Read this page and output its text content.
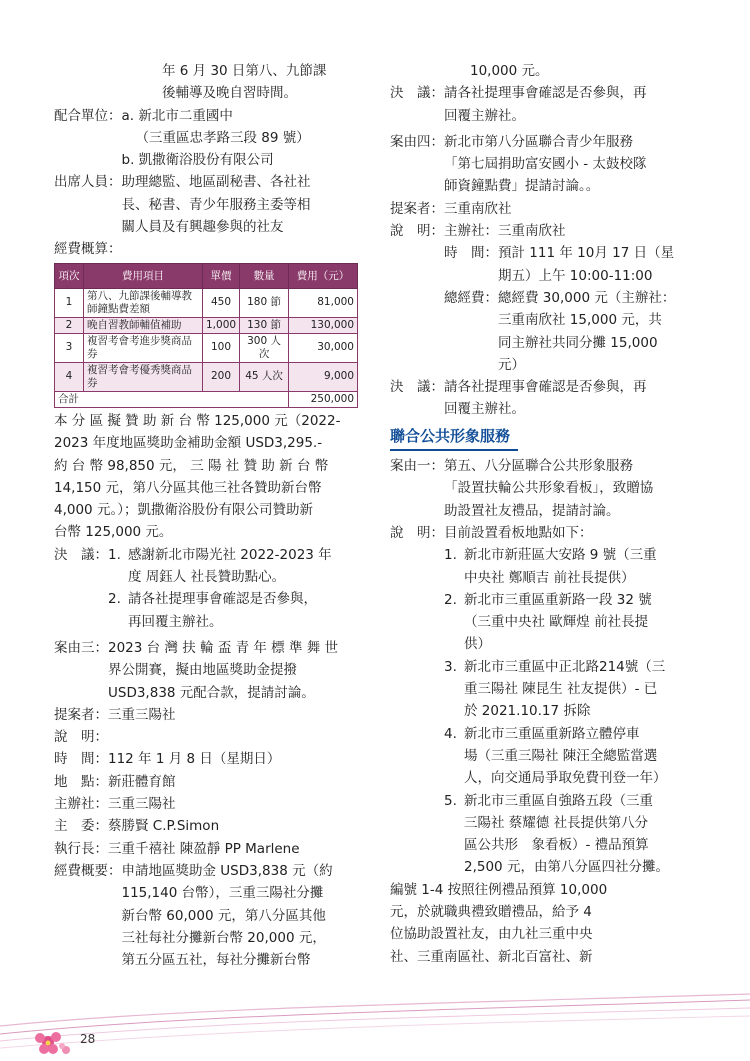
年 6 月 30 日第八、九節課
後輔導及晚自習時間。
配合單位： a. 新北市二重國中
（三重區忠孝路三段 89 號）
b. 凱撒衛浴股份有限公司
出席人員： 助理總監、地區副秘書、各社社
長、秘書、青少年服務主委等相
關人員及有興趣參與的社友
經費概算：
項次	費用項目	單價	數量	費用（元）
1	第八、九節課後輔導教師鐘點費差額	450	180 節	81,000
2	晚自習教師輔值補助	1,000	130 節	130,000
3	複習考會考進步獎商品券	100	300 人次	30,000
4	複習考會考優秀獎商品券	200	45 人次	9,000
合計				250,000
本 分 區 擬 贊 助 新 台 幣 125,000 元（2022-
2023 年度地區獎助金補助金額 USD3,295.-
約 台 幣 98,850 元， 三 陽 社 贊 助 新 台 幣
14,150 元，第八分區其他三社各贊助新台幣
4,000 元。）；凱撒衛浴股份有限公司贊助新
台幣 125,000 元。
決　議： 1. 感謝新北市陽光社 2022-2023 年
度 周鈺人 社長贊助點心。
2. 請各社提理事會確認是否參與，
再回覆主辦社。
案由三： 2023 台 灣 扶 輪 盃 青 年 標 準 舞 世
界公開賽，擬由地區獎助金提撥
USD3,838 元配合款，提請討論。
提案者： 三重三陽社
說　明：
時　間： 112 年 1 月 8 日（星期日）
地　點： 新莊體育館
主辦社： 三重三陽社
主　委： 蔡勝賢 C.P.Simon
執行長： 三重千禧社 陳盈靜 PP Marlene
經費概要： 申請地區獎助金 USD3,838 元（約
115,140 台幣），三重三陽社分攤
新台幣 60,000 元，第八分區其他
三社每社分攤新台幣 20,000 元，
第五分區五社，每社分攤新台幣
10,000 元。
決　議： 請各社提理事會確認是否參與，再
回覆主辦社。
案由四： 新北市第八分區聯合青少年服務
「第七屆捐助富安國小 - 太鼓校隊
師資鐘點費」提請討論。。
提案者： 三重南欣社
說　明： 主辦社： 三重南欣社
時　間： 預計 111 年 10月 17 日（星
期五）上午 10:00-11:00
總經費： 總經費 30,000 元（主辦社：
三重南欣社 15,000 元，共
同主辦社共同分攤 15,000
元）
決　議： 請各社提理事會確認是否參與，再
回覆主辦社。
聯合公共形象服務
案由一： 第五、八分區聯合公共形象服務
「設置扶輪公共形象看板」，致贈協
助設置社友禮品，提請討論。
說　明： 目前設置看板地點如下：
1. 新北市新莊區大安路 9 號（三重
中央社 鄭順吉 前社長提供）
2. 新北市三重區重新路一段 32 號
（三重中央社 歐輝煌 前社長提
供）
3. 新北市三重區中正北路214號（三
重三陽社 陳昆生 社友提供）- 已
於 2021.10.17 拆除
4. 新北市三重區重新路立體停車
場（三重三陽社 陳汪全總監當選
人，向交通局爭取免費刊登一年）
5. 新北市三重區自強路五段（三重
三陽社 蔡耀德 社長提供第八分
區公共形　象看板）- 禮品預算
2,500 元，由第八分區四社分攤。
編號 1-4 按照往例禮品預算 10,000
元，於就職典禮致贈禮品，給予 4
位協助設置社友，由九社三重中央
社、三重南區社、新北百富社、新
28
